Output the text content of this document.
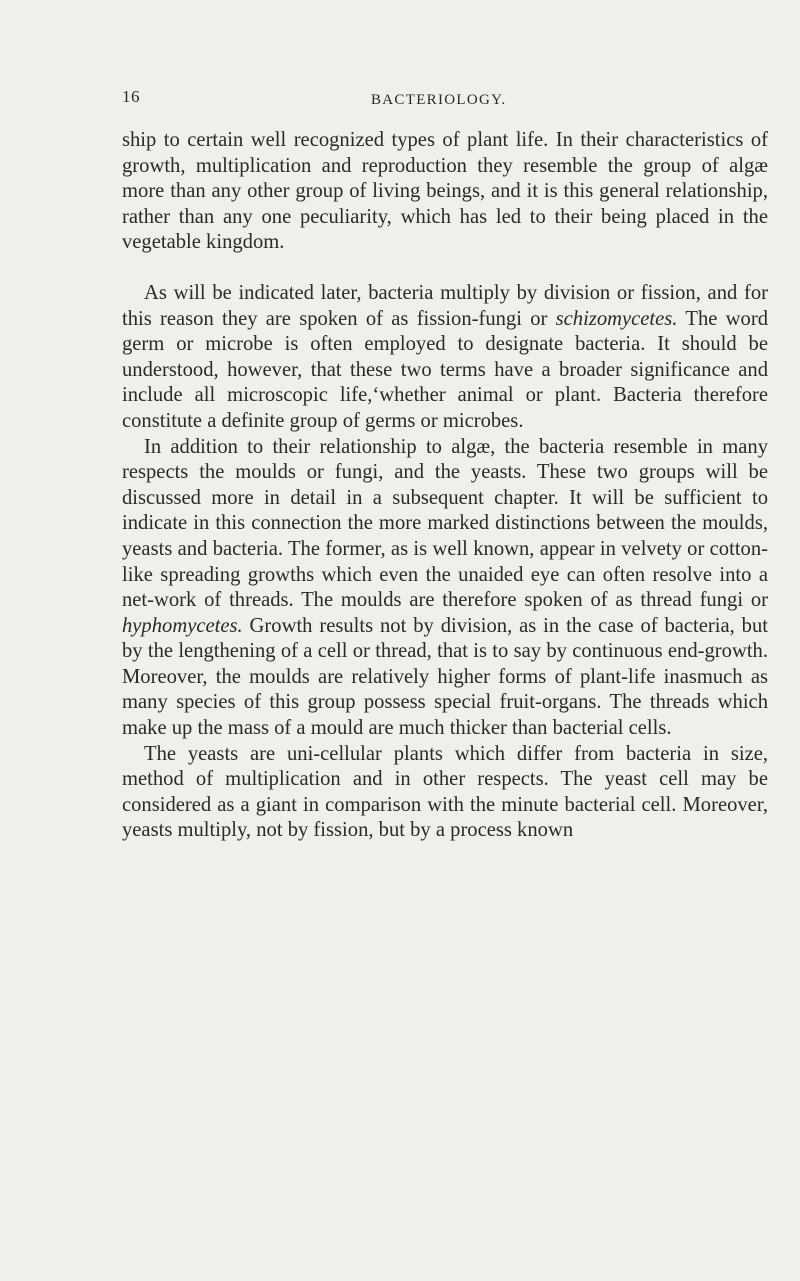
16	BACTERIOLOGY.

ship to certain well recognized types of plant life. In their characteristics of growth, multiplication and reproduction they resemble the group of algæ more than any other group of living beings, and it is this general relationship, rather than any one peculiarity, which has led to their being placed in the vegetable kingdom.

As will be indicated later, bacteria multiply by division or fission, and for this reason they are spoken of as fission-fungi or schizomycetes. The word germ or microbe is often employed to designate bacteria. It should be understood, however, that these two terms have a broader significance and include all microscopic life,‘whether animal or plant. Bacteria therefore constitute a definite group of germs or microbes.

In addition to their relationship to algæ, the bacteria resemble in many respects the moulds or fungi, and the yeasts. These two groups will be discussed more in detail in a subsequent chapter. It will be sufficient to indicate in this connection the more marked distinctions between the moulds, yeasts and bacteria. The former, as is well known, appear in velvety or cotton-like spreading growths which even the unaided eye can often resolve into a net-work of threads. The moulds are therefore spoken of as thread fungi or hyphomycetes. Growth results not by division, as in the case of bacteria, but by the lengthening of a cell or thread, that is to say by continuous end-growth. Moreover, the moulds are relatively higher forms of plant-life inasmuch as many species of this group possess special fruit-organs. The threads which make up the mass of a mould are much thicker than bacterial cells.

The yeasts are uni-cellular plants which differ from bacteria in size, method of multiplication and in other respects. The yeast cell may be considered as a giant in comparison with the minute bacterial cell. Moreover, yeasts multiply, not by fission, but by a process known
